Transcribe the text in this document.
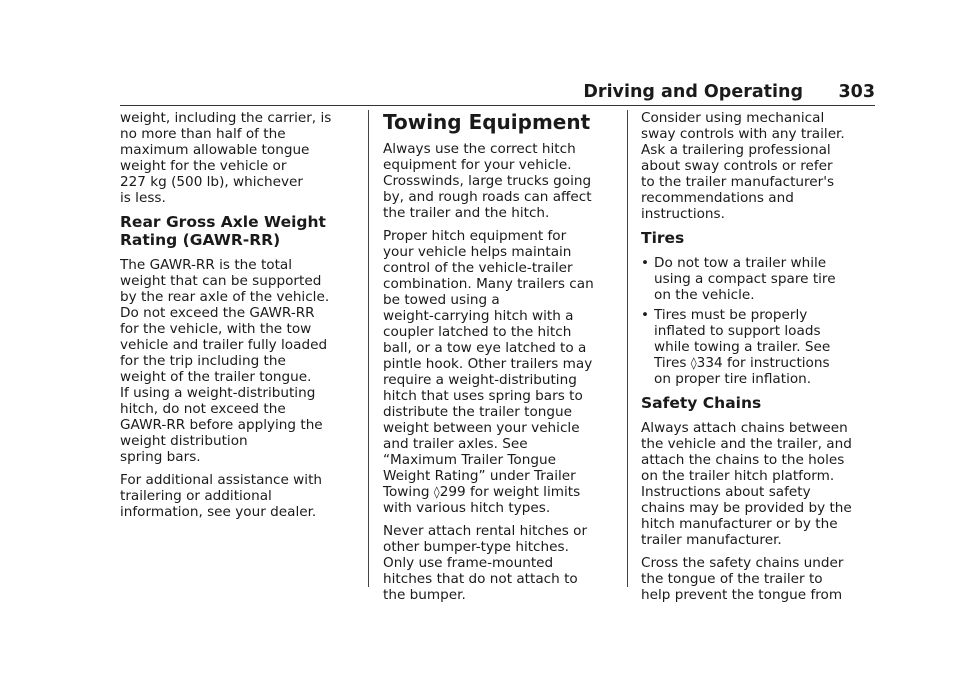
Driving and Operating 303

weight, including the carrier, is
no more than half of the
maximum allowable tongue
weight for the vehicle or
227 kg (500 lb), whichever
is less.

Rear Gross Axle Weight
Rating (GAWR-RR)

The GAWR-RR is the total
weight that can be supported
by the rear axle of the vehicle.
Do not exceed the GAWR-RR
for the vehicle, with the tow
vehicle and trailer fully loaded
for the trip including the
weight of the trailer tongue.
If using a weight-distributing
hitch, do not exceed the
GAWR-RR before applying the
weight distribution
spring bars.

For additional assistance with
trailering or additional
information, see your dealer.

Towing Equipment

Always use the correct hitch
equipment for your vehicle.
Crosswinds, large trucks going
by, and rough roads can affect
the trailer and the hitch.

Proper hitch equipment for
your vehicle helps maintain
control of the vehicle-trailer
combination. Many trailers can
be towed using a
weight-carrying hitch with a
coupler latched to the hitch
ball, or a tow eye latched to a
pintle hook. Other trailers may
require a weight-distributing
hitch that uses spring bars to
distribute the trailer tongue
weight between your vehicle
and trailer axles. See
“Maximum Trailer Tongue
Weight Rating” under Trailer
Towing ◊299 for weight limits
with various hitch types.

Never attach rental hitches or
other bumper-type hitches.
Only use frame-mounted
hitches that do not attach to
the bumper.

Consider using mechanical
sway controls with any trailer.
Ask a trailering professional
about sway controls or refer
to the trailer manufacturer's
recommendations and
instructions.

Tires
• Do not tow a trailer while
using a compact spare tire
on the vehicle.
• Tires must be properly
inflated to support loads
while towing a trailer. See
Tires ◊334 for instructions
on proper tire inflation.
Safety Chains

Always attach chains between
the vehicle and the trailer, and
attach the chains to the holes
on the trailer hitch platform.
Instructions about safety
chains may be provided by the
hitch manufacturer or by the
trailer manufacturer.

Cross the safety chains under
the tongue of the trailer to
help prevent the tongue from
